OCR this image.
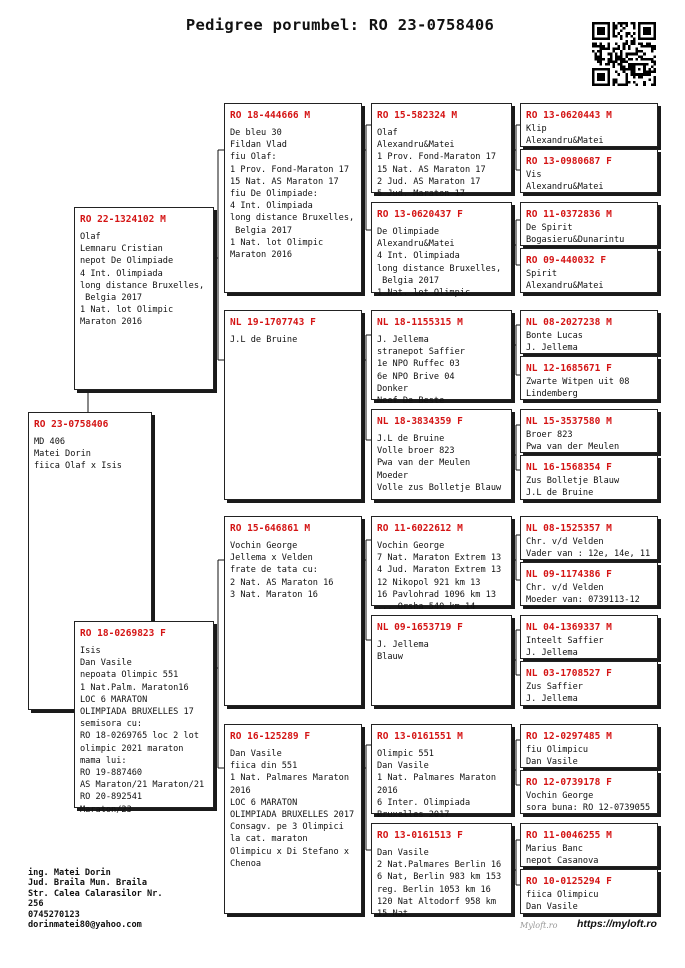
Pedigree porumbel: RO 23-0758406
RO 23-0758406
MD 406
Matei Dorin
fiica Olaf x Isis
RO 22-1324102 M
Olaf
Lemnaru Cristian
nepot De Olimpiade
4 Int. Olimpiada
long distance Bruxelles,
Belgia 2017
1 Nat. lot Olimpic
Maraton 2016
RO 18-0269823 F
Isis
Dan Vasile
nepoata Olimpic 551
1 Nat.Palm. Maraton16
LOC 6 MARATON
OLIMPIADA BRUXELLES 17
semisora cu:
RO 18-0269765 loc 2 lot
olimpic 2021 maraton
mama lui:
RO 19-887460
AS Maraton/21 Maraton/21
RO 20-892541
Maraton/23
RO 18-444666 M
De bleu 30
Fildan Vlad
fiu Olaf:
1 Prov. Fond-Maraton 17
15 Nat. AS Maraton 17
fiu De Olimpiade:
4 Int. Olimpiada
long distance Bruxelles,
Belgia 2017
1 Nat. lot Olimpic
Maraton 2016
NL 19-1707743 F
J.L de Bruine
RO 15-646861 M
Vochin George
Jellema x Velden
frate de tata cu:
2 Nat. AS Maraton 16
3 Nat. Maraton 16
RO 16-125289 F
Dan Vasile
fiica din 551
1 Nat. Palmares Maraton
2016
LOC 6 MARATON
OLIMPIADA BRUXELLES 2017
Consagv. pe 3 Olimpici
la cat. maraton
Olimpicu x Di Stefano x
Chenoa
RO 15-582324 M
Olaf
Alexandru&Matei
1 Prov. Fond-Maraton 17
15 Nat. AS Maraton 17
2 Jud. AS Maraton 17
5 Jud. Maraton 17
RO 13-0620437 F
De Olimpiade
Alexandru&Matei
4 Int. Olimpiada
long distance Bruxelles,
Belgia 2017
1 Nat. lot Olimpic
NL 18-1155315 M
J. Jellema
stranepot Saffier
1e NPO Ruffec 03
6e NPO Brive 04
Donker
Neef De Beste
NL 18-3834359 F
J.L de Bruine
Volle broer 823
Pwa van der Meulen
Moeder
Volle zus Bolletje Blauw
RO 11-6022612 M
Vochin George
7 Nat. Maraton Extrem 13
4 Jud. Maraton Extrem 13
12 Nikopol 921 km 13
16 Pavlohrad 1096 km 13
... Orsha 540 km 14
NL 09-1653719 F
J. Jellema
Blauw
RO 13-0161551 M
Olimpic 551
Dan Vasile
1 Nat. Palmares Maraton
2016
6 Inter. Olimpiada
Bruxelles 2017
RO 13-0161513 F
Dan Vasile
2 Nat.Palmares Berlin 16
6 Nat, Berlin 983 km 153
reg. Berlin 1053 km 16
120 Nat Altodorf 958 km
15 Nat
RO 13-0620443 M
Klip
Alexandru&Matei
RO 13-0980687 F
Vis
Alexandru&Matei
RO 11-0372836 M
De Spirit
Bogasieru&Dunarintu
RO 09-440032 F
Spirit
Alexandru&Matei
NL 08-2027238 M
Bonte Lucas
J. Jellema
NL 12-1685671 F
Zwarte Witpen uit 08
Lindemberg
NL 15-3537580 M
Broer 823
Pwa van der Meulen
NL 16-1568354 F
Zus Bolletje Blauw
J.L de Bruine
NL 08-1525357 M
Chr. v/d Velden
Vader van : 12e, 14e, 11
NL 09-1174386 F
Chr. v/d Velden
Moeder van: 0739113-12
NL 04-1369337 M
Inteelt Saffier
J. Jellema
NL 03-1708527 F
Zus Saffier
J. Jellema
RO 12-0297485 M
fiu Olimpicu
Dan Vasile
RO 12-0739178 F
Vochin George
sora buna: RO 12-0739055
RO 11-0046255 M
Marius Banc
nepot Casanova
RO 10-0125294 F
fiica Olimpicu
Dan Vasile
ing. Matei Dorin
Jud. Braila Mun. Braila
Str. Calea Calarasilor Nr.
256
0745270123
dorinmatei80@yahoo.com	Myloft.ro https://myloft.ro
